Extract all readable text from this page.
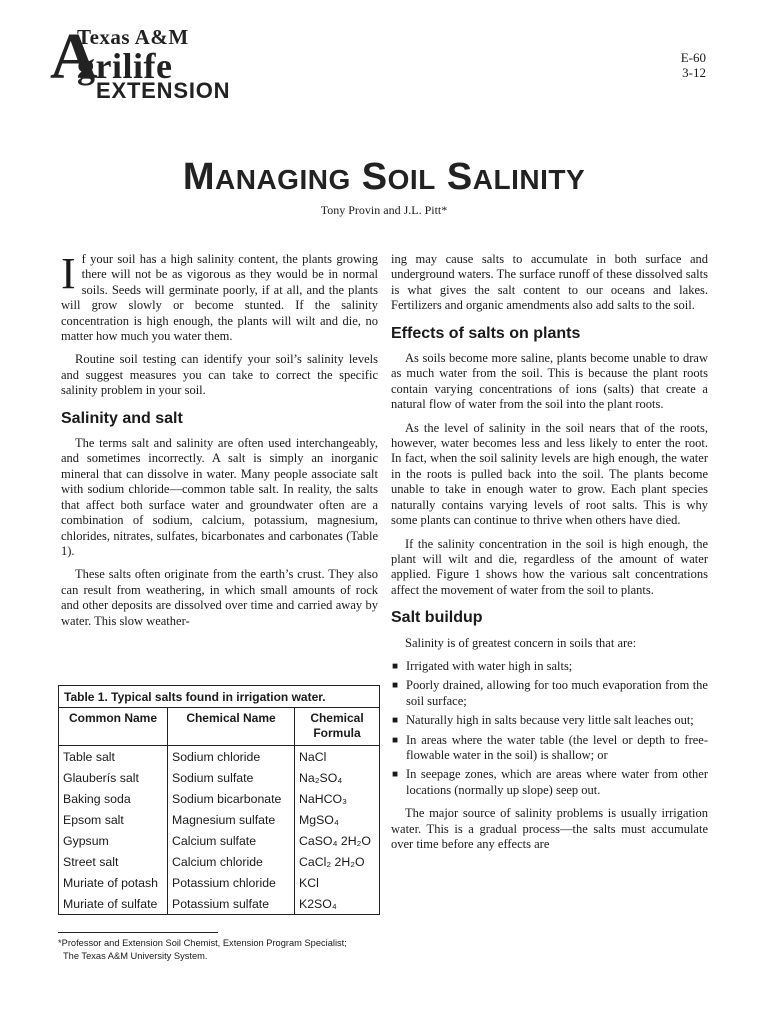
A
Texas A&M
grilife
EXTENSION
E-60
3-12
MANAGING SOIL SALINITY
Tony Provin and J.L. Pitt*

If your soil has a high salinity content, the plants growing there will not be as vigorous as they would be in normal soils. Seeds will germinate poorly, if at all, and the plants will grow slowly or become stunted. If the salinity concentration is high enough, the plants will wilt and die, no matter how much you water them.

Routine soil testing can identify your soil’s salinity levels and suggest measures you can take to correct the specific salinity problem in your soil.

Salinity and salt

The terms salt and salinity are often used interchangeably, and sometimes incorrectly. A salt is simply an inorganic mineral that can dissolve in water. Many people associate salt with sodium chloride—common table salt. In reality, the salts that affect both surface water and groundwater often are a combination of sodium, calcium, potassium, magnesium, chlorides, nitrates, sulfates, bicarbonates and carbonates (Table 1).

These salts often originate from the earth’s crust. They also can result from weathering, in which small amounts of rock and other deposits are dissolved over time and carried away by water. This slow weather-

ing may cause salts to accumulate in both surface and underground waters. The surface runoff of these dissolved salts is what gives the salt content to our oceans and lakes. Fertilizers and organic amendments also add salts to the soil.

Effects of salts on plants

As soils become more saline, plants become unable to draw as much water from the soil. This is because the plant roots contain varying concentrations of ions (salts) that create a natural flow of water from the soil into the plant roots.

As the level of salinity in the soil nears that of the roots, however, water becomes less and less likely to enter the root. In fact, when the soil salinity levels are high enough, the water in the roots is pulled back into the soil. The plants become unable to take in enough water to grow. Each plant species naturally contains varying levels of root salts. This is why some plants can continue to thrive when others have died.

If the salinity concentration in the soil is high enough, the plant will wilt and die, regardless of the amount of water applied. Figure 1 shows how the various salt concentrations affect the movement of water from the soil to plants.

Salt buildup

Salinity is of greatest concern in soils that are:

■ Irrigated with water high in salts;
■ Poorly drained, allowing for too much evaporation from the soil surface;
■ Naturally high in salts because very little salt leaches out;
■ In areas where the water table (the level or depth to free-flowable water in the soil) is shallow; or
■ In seepage zones, which are areas where water from other locations (normally up slope) seep out.

The major source of salinity problems is usually irrigation water. This is a gradual process—the salts must accumulate over time before any effects are

Table 1. Typical salts found in irrigation water.
Common Name	Chemical Name	Chemical Formula
Table salt	Sodium chloride	NaCl
Glauberís salt	Sodium sulfate	Na₂SO₄
Baking soda	Sodium bicarbonate	NaHCO₃
Epsom salt	Magnesium sulfate	MgSO₄
Gypsum	Calcium sulfate	CaSO₄ 2H₂O
Street salt	Calcium chloride	CaCl₂ 2H₂O
Muriate of potash	Potassium chloride	KCl
Muriate of sulfate	Potassium sulfate	K2SO₄
*Professor and Extension Soil Chemist, Extension Program Specialist;
The Texas A&M University System.
